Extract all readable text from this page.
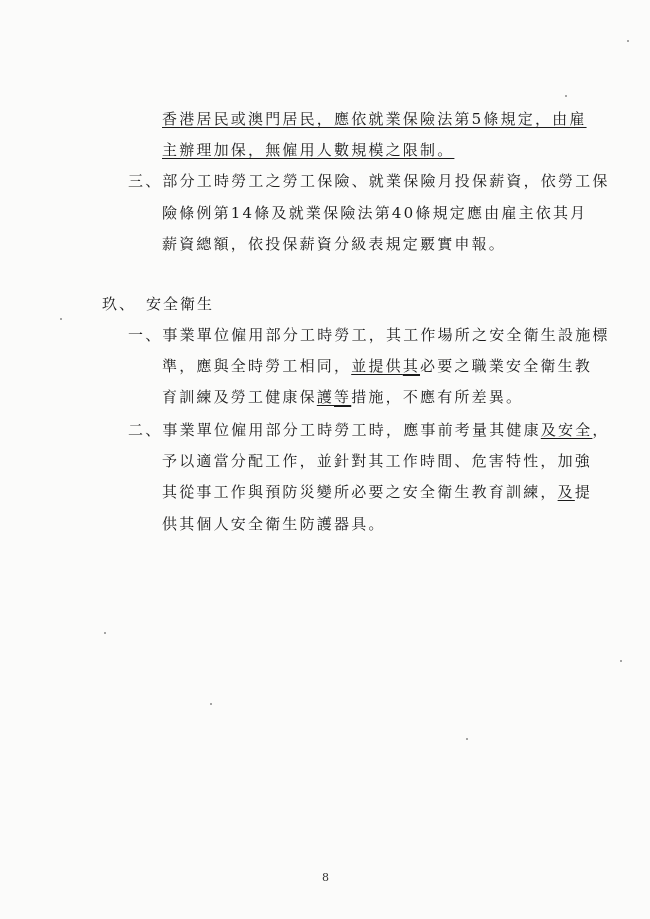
香港居民或澳門居民，應依就業保險法第5條規定，由雇
主辦理加保，無僱用人數規模之限制。
三、部分工時勞工之勞工保險、就業保險月投保薪資，依勞工保
險條例第14條及就業保險法第40條規定應由雇主依其月
薪資總額，依投保薪資分級表規定覈實申報。
玖、 安全衛生
一、事業單位僱用部分工時勞工，其工作場所之安全衛生設施標
準，應與全時勞工相同，並提供其必要之職業安全衛生教
育訓練及勞工健康保護等措施，不應有所差異。
二、事業單位僱用部分工時勞工時，應事前考量其健康及安全，
予以適當分配工作，並針對其工作時間、危害特性，加強
其從事工作與預防災變所必要之安全衛生教育訓練，及提
供其個人安全衛生防護器具。
8
